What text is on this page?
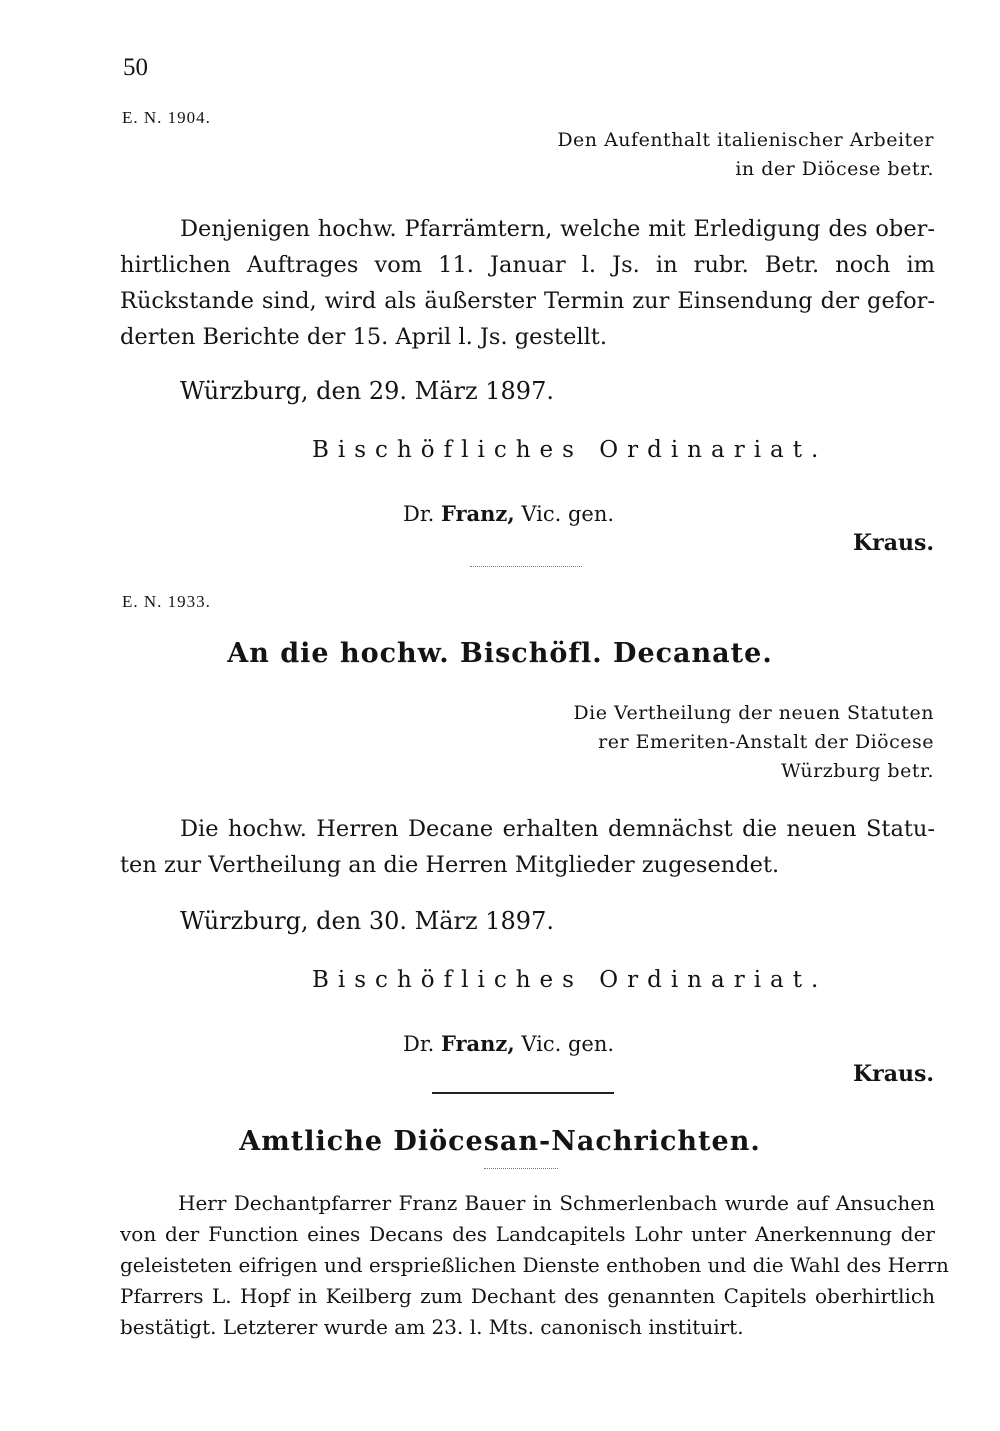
50
E. N. 1904.
Den Aufenthalt italienischer Arbeiter
in der Diöcese betr.
Denjenigen hochw. Pfarrämtern, welche mit Erledigung des ober-
hirtlichen Auftrages vom 11. Januar l. Js. in rubr. Betr. noch im
Rückstande sind, wird als äußerster Termin zur Einsendung der gefor-
derten Berichte der 15. April l. Js. gestellt.
Würzburg, den 29. März 1897.
Bischöfliches Ordinariat.
Dr. Franz, Vic. gen.
Kraus.
E. N. 1933.
An die hochw. Bischöfl. Decanate.
Die Vertheilung der neuen Statuten
rer Emeriten-Anstalt der Diöcese
Würzburg betr.
Die hochw. Herren Decane erhalten demnächst die neuen Statu-
ten zur Vertheilung an die Herren Mitglieder zugesendet.
Würzburg, den 30. März 1897.
Bischöfliches Ordinariat.
Dr. Franz, Vic. gen.
Kraus.
Amtliche Diöcesan-Nachrichten.
Herr Dechantpfarrer Franz Bauer in Schmerlenbach wurde auf Ansuchen
von der Function eines Decans des Landcapitels Lohr unter Anerkennung der
geleisteten eifrigen und ersprießlichen Dienste enthoben und die Wahl des Herrn
Pfarrers L. Hopf in Keilberg zum Dechant des genannten Capitels oberhirtlich
bestätigt. Letzterer wurde am 23. l. Mts. canonisch instituirt.
